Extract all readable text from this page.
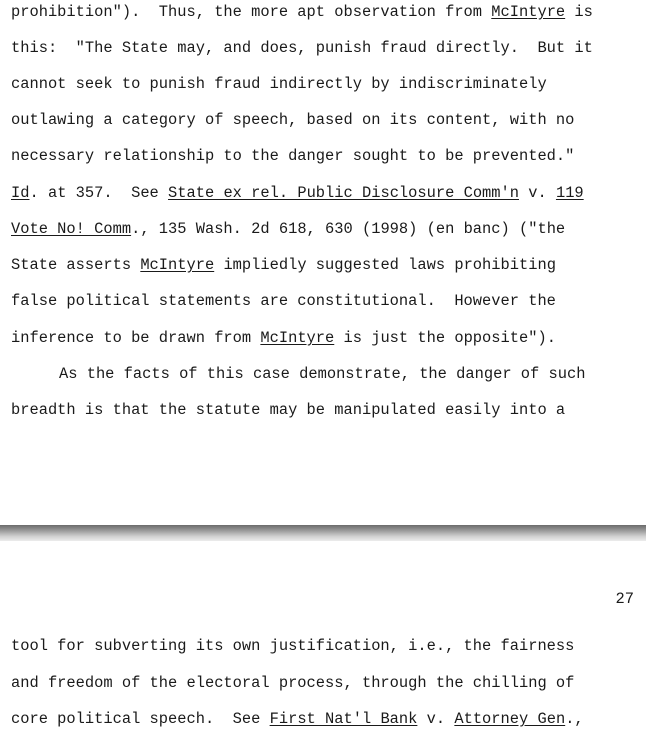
prohibition").  Thus, the more apt observation from McIntyre is
this:  "The State may, and does, punish fraud directly.  But it
cannot seek to punish fraud indirectly by indiscriminately
outlawing a category of speech, based on its content, with no
necessary relationship to the danger sought to be prevented."
Id. at 357.  See State ex rel. Public Disclosure Comm'n v. 119
Vote No! Comm., 135 Wash. 2d 618, 630 (1998) (en banc) ("the
State asserts McIntyre impliedly suggested laws prohibiting
false political statements are constitutional.  However the
inference to be drawn from McIntyre is just the opposite").
As the facts of this case demonstrate, the danger of such
breadth is that the statute may be manipulated easily into a
27
tool for subverting its own justification, i.e., the fairness
and freedom of the electoral process, through the chilling of
core political speech.  See First Nat'l Bank v. Attorney Gen.,
